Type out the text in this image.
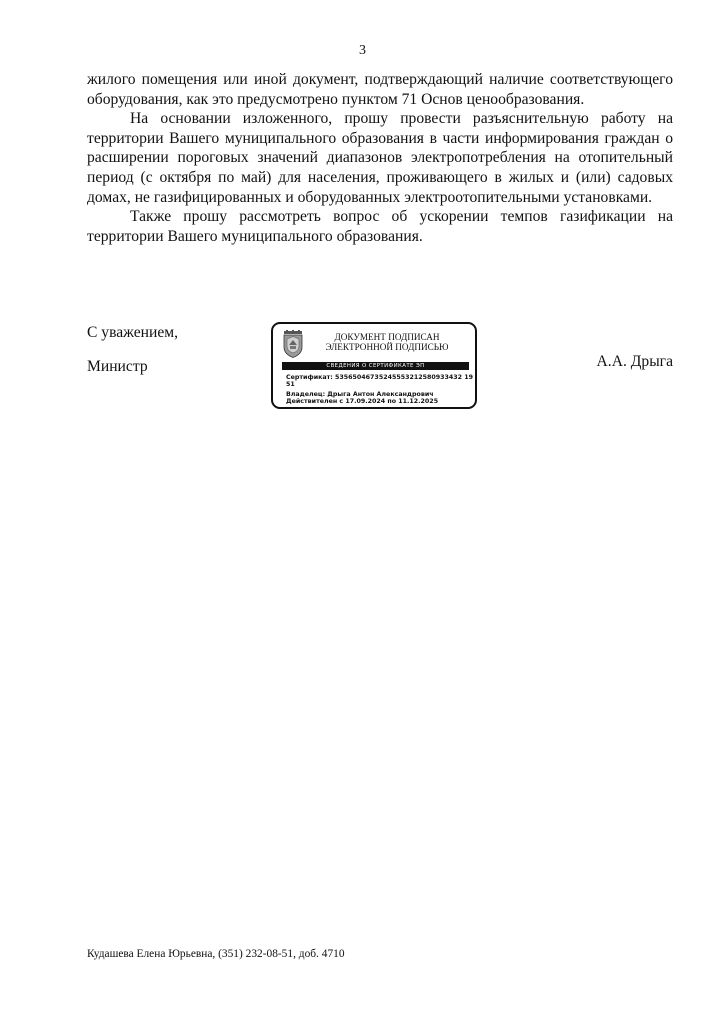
3

жилого помещения или иной документ, подтверждающий наличие соответствующего оборудования, как это предусмотрено пунктом 71 Основ ценообразования.

На основании изложенного, прошу провести разъяснительную работу на территории Вашего муниципального образования в части информирования граждан о расширении пороговых значений диапазонов электропотребления на отопительный период (с октября по май) для населения, проживающего в жилых и (или) садовых домах, не газифицированных и оборудованных электроотопительными установками.

Также прошу рассмотреть вопрос об ускорении темпов газификации на территории Вашего муниципального образования.

С уважением,
Министр	А.А. Дрыга
ДОКУМЕНТ ПОДПИСАН
ЭЛЕКТРОННОЙ ПОДПИСЬЮ
СВЕДЕНИЯ О СЕРТИФИКАТЕ ЭП
Сертификат: 53565046735245553212580933432 1951
Владелец: Дрыга Антон Александрович
Действителен с 17.09.2024 по 11.12.2025
Кудашева Елена Юрьевна, (351) 232-08-51, доб. 4710
